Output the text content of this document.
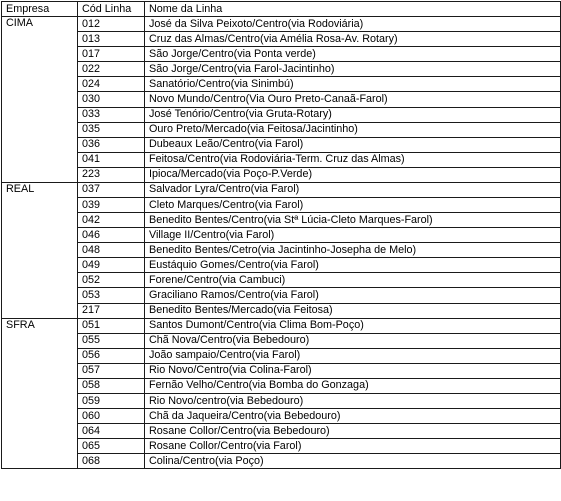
Empresa	Cód Linha	Nome da Linha
CIMA	012	José da Silva Peixoto/Centro(via Rodoviária)
	013	Cruz das Almas/Centro(via Amélia Rosa-Av. Rotary)
	017	São Jorge/Centro(via Ponta verde)
	022	São Jorge/Centro(via Farol-Jacintinho)
	024	Sanatório/Centro(via Sinimbú)
	030	Novo Mundo/Centro(Via Ouro Preto-Canaã-Farol)
	033	José Tenório/Centro(via Gruta-Rotary)
	035	Ouro Preto/Mercado(via Feitosa/Jacintinho)
	036	Dubeaux Leão/Centro(via Farol)
	041	Feitosa/Centro(via Rodoviária-Term. Cruz das Almas)
	223	Ipioca/Mercado(via Poço-P.Verde)
REAL	037	Salvador Lyra/Centro(via Farol)
	039	Cleto Marques/Centro(via Farol)
	042	Benedito Bentes/Centro(via Stª Lúcia-Cleto Marques-Farol)
	046	Village II/Centro(via Farol)
	048	Benedito Bentes/Cetro(via Jacintinho-Josepha de Melo)
	049	Eustáquio Gomes/Centro(via Farol)
	052	Forene/Centro(via Cambuci)
	053	Graciliano Ramos/Centro(via Farol)
	217	Benedito Bentes/Mercado(via Feitosa)
SFRA	051	Santos Dumont/Centro(via Clima Bom-Poço)
	055	Chã Nova/Centro(via Bebedouro)
	056	João sampaio/Centro(via Farol)
	057	Rio Novo/Centro(via Colina-Farol)
	058	Fernão Velho/Centro(via Bomba do Gonzaga)
	059	Rio Novo/centro(via Bebedouro)
	060	Chã da Jaqueira/Centro(via Bebedouro)
	064	Rosane Collor/Centro(via Bebedouro)
	065	Rosane Collor/Centro(via Farol)
	068	Colina/Centro(via Poço)
